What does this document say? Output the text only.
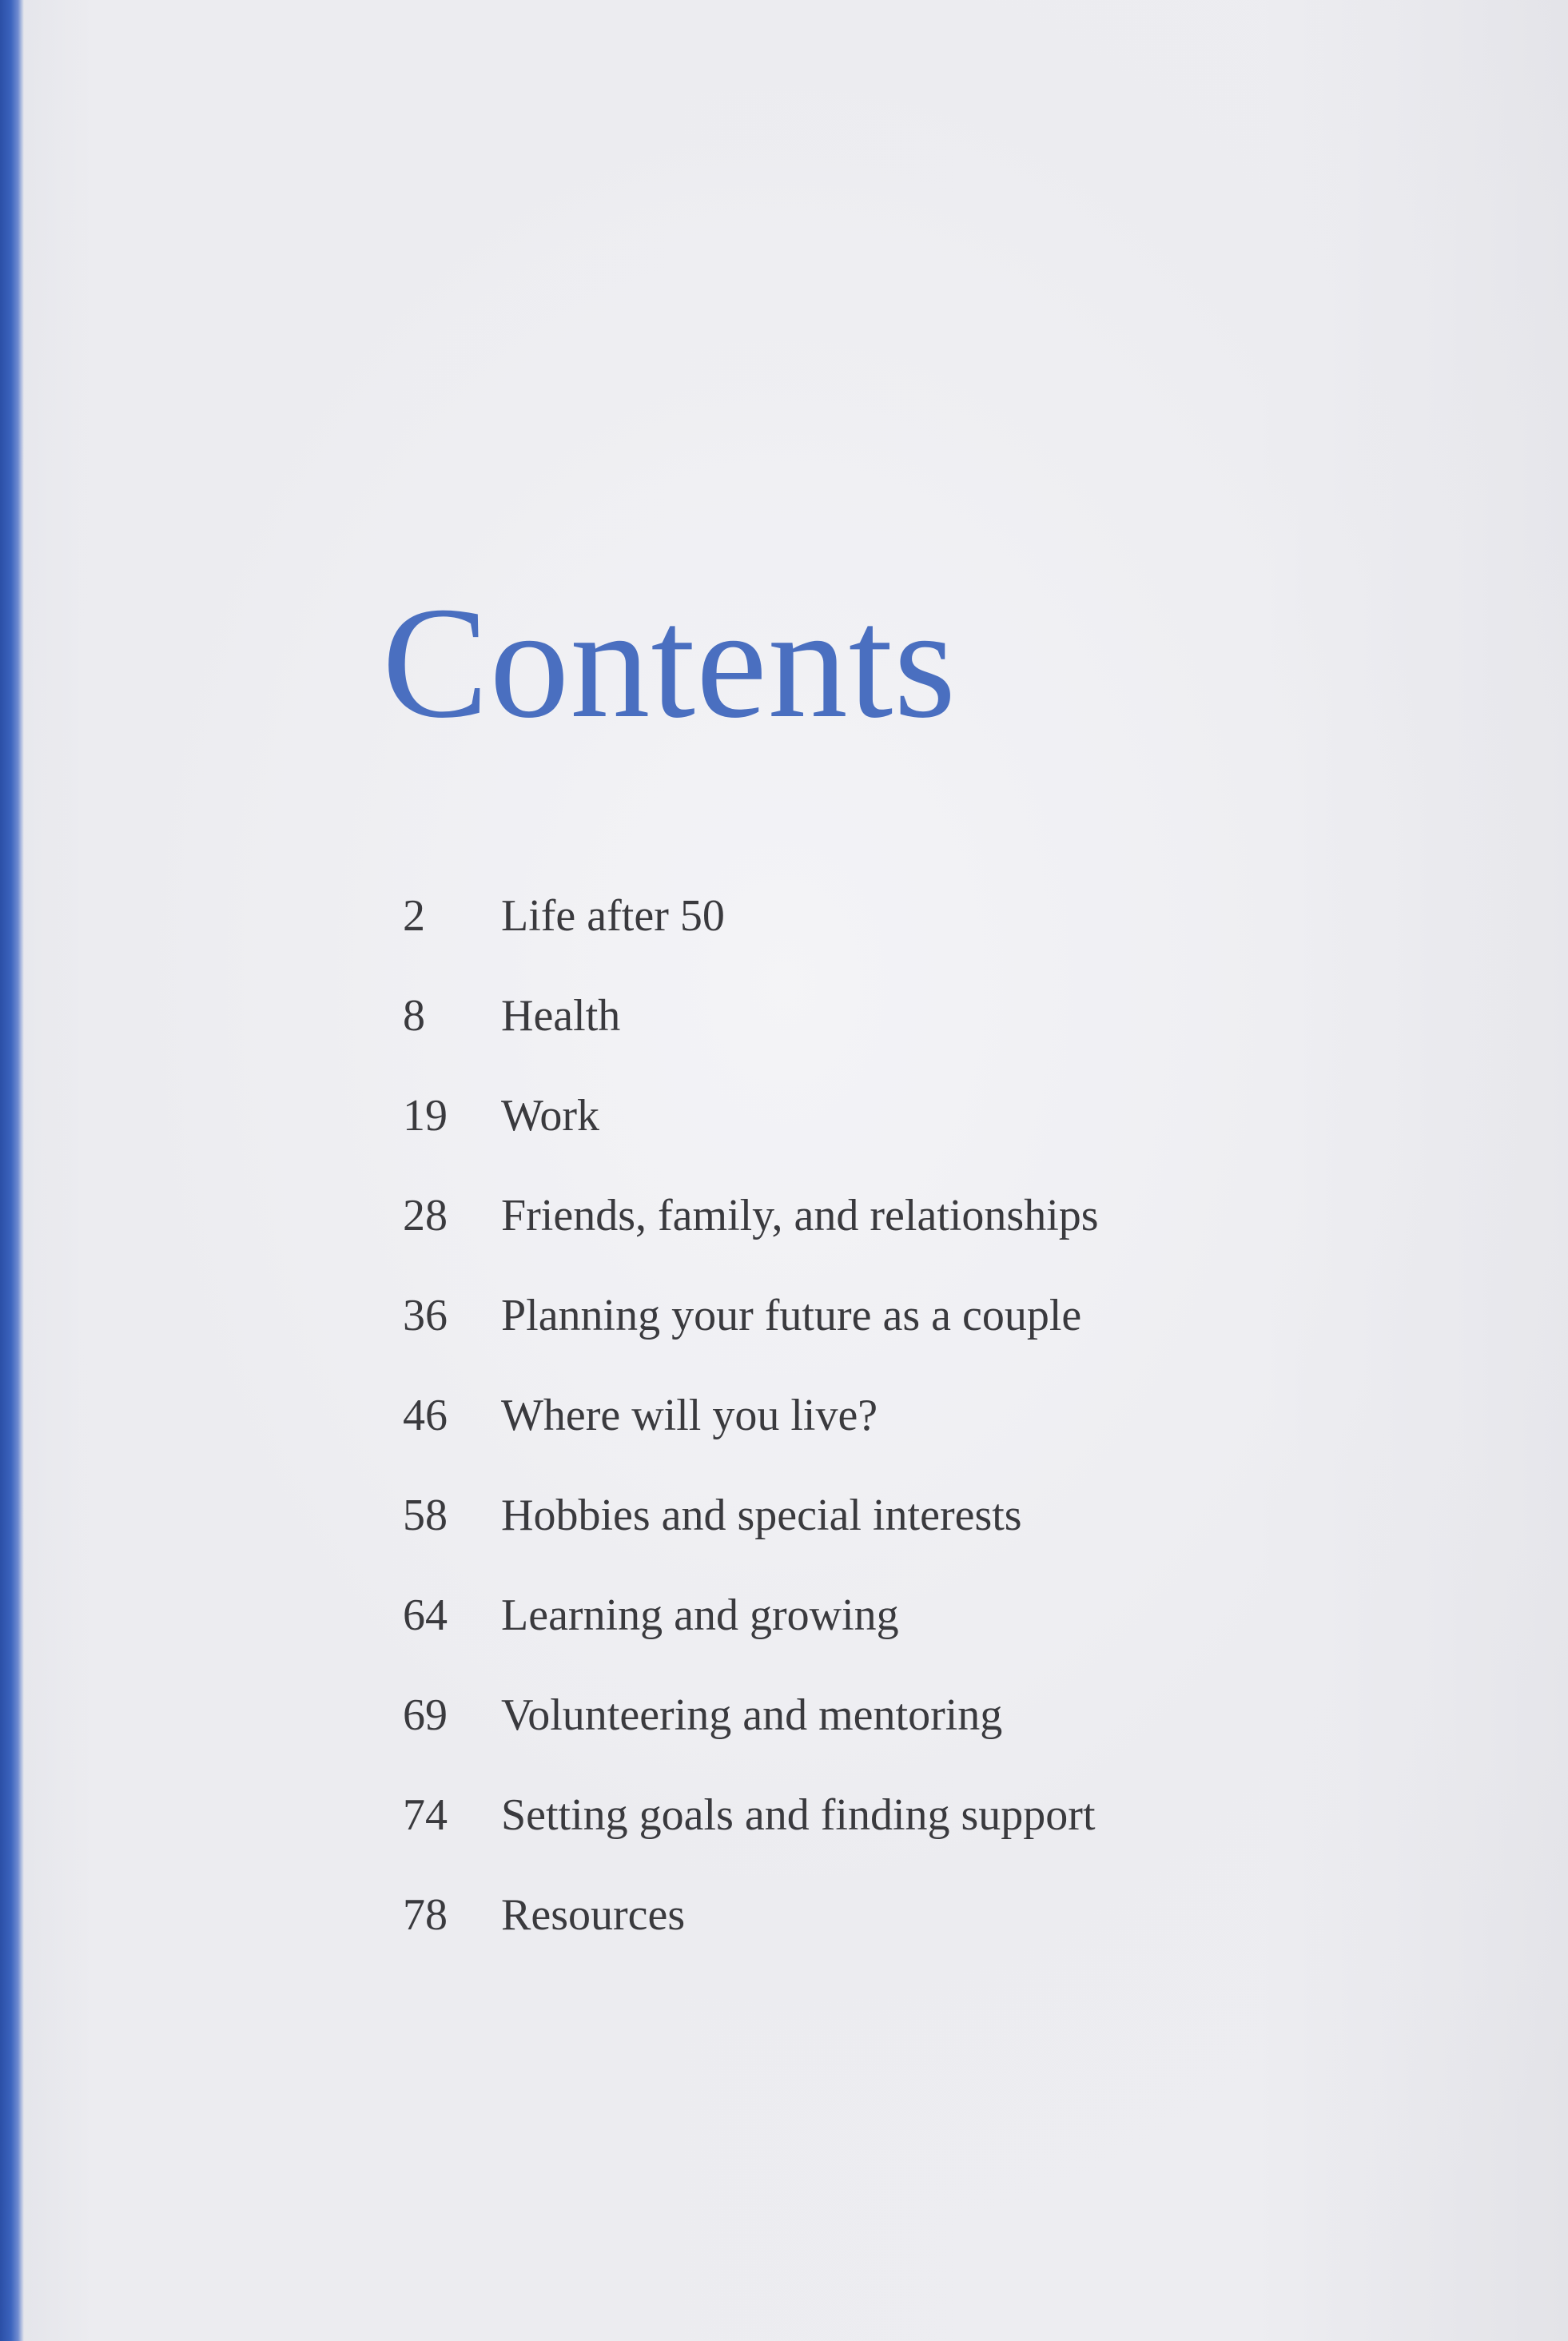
Contents
2 Life after 50
8 Health
19 Work
28 Friends, family, and relationships
36 Planning your future as a couple
46 Where will you live?
58 Hobbies and special interests
64 Learning and growing
69 Volunteering and mentoring
74 Setting goals and finding support
78 Resources
